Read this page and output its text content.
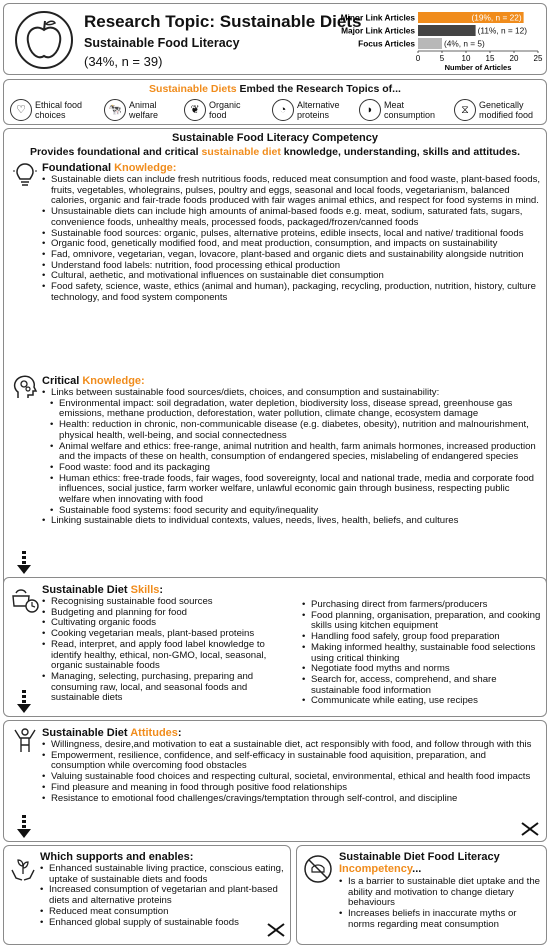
Research Topic: Sustainable Diets
Sustainable Food Literacy
(34%, n = 39)
Minor Link Articles	(19%, n = 22)
Major Link Articles	(11%, n = 12)
Focus Articles	(4%, n = 5)
0 5 10 15 20 25
Number of Articles
Sustainable Diets Embed the Research Topics of...
♡	Ethical food choices	🐄 Animal welfare	❦	Organic food	◔	Alternative proteins	◗	Meat consumption	⧖	Genetically modified food
Sustainable Food Literacy Competency
Provides foundational and critical sustainable diet knowledge, understanding, skills and attitudes.
Foundational Knowledge:
• Sustainable diets can include fresh nutritious foods, reduced meat consumption and food waste, plant-based foods, fruits, vegetables, wholegrains, pulses, poultry and eggs, seasonal and local foods, vegetarianism, balanced calories, organic and fair-trade foods produced with fair wages animal ethics, and respect for food systems in mind.
• Unsustainable diets can include high amounts of animal-based foods e.g. meat, sodium, saturated fats, sugars, convenience foods, unhealthy meals, processed foods, packaged/frozen/canned foods
• Sustainable food sources: organic, pulses, alternative proteins, edible insects, local and native/ traditional foods
• Organic food, genetically modified food, and meat production, consumption, and impacts on sustainability
• Fad, omnivore, vegetarian, vegan, lovacore, plant-based and organic diets and sustainability alongside nutrition
• Understand food labels: nutrition, food processing ethical production
• Cultural, aethetic, and motivational influences on sustainable diet consumption
• Food safety, science, waste, ethics (animal and human), packaging, recycling, production, nutrition, history, culture technology, and food system components
Critical Knowledge:
• Links between sustainable food sources/diets, choices, and consumption and sustainability:
• Environmental impact: soil degradation, water depletion, biodiversity loss, disease spread, greenhouse gas emissions, methane production, deforestation, water pollution, climate change, ecosystem damage
• Health: reduction in chronic, non-communicable disease (e.g. diabetes, obesity), nutrition and malnourishment, physical health, well-being, and social connectedness
• Animal welfare and ethics: free-range, animal nutrition and health, farm animals hormones, increased production and the impacts of these on health, consumption of endangered species, mislabeling of endangered species
• Food waste: food and its packaging
• Human ethics: free-trade foods, fair wages, food sovereignty, local and national trade, media and corporate food influences, social justice, farm worker welfare, unlawful economic gain through business, respecting public welfare when innovating with food
• Sustainable food systems: food security and equity/inequality
• Linking sustainable diets to individual contexts, values, needs, lives, health, beliefs, and cultures
Sustainable Diet Skills:
• Recognising sustainable food sources
• Budgeting and planning for food
• Cultivating organic foods
• Cooking vegetarian meals, plant-based proteins
• Read, interpret, and apply food label knowledge to identify healthy, ethical, non-GMO, local, seasonal, organic sustainable foods
• Managing, selecting, purchasing, preparing and consuming raw, local, and seasonal foods and sustainable diets
• Purchasing direct from farmers/producers
• Food planning, organisation, preparation, and cooking skills using kitchen equipment
• Handling food safely, group food preparation
• Making informed healthy, sustainable food selections using critical thinking
• Negotiate food myths and norms
• Search for, access, comprehend, and share sustainable food information
• Communicate while eating, use recipes
Sustainable Diet Attitudes:
• Willingness, desire,and motivation to eat a sustainable diet, act responsibly with food, and follow through with this
• Empowerment, resilience, confidence, and self-efficacy in sustainable food aquisition, preparation, and consumption while overcoming food obstacles
• Valuing sustainable food choices and respecting cultural, societal, environmental, ethical and health food impacts
• Find pleasure and meaning in food through positive food relationships
• Resistance to emotional food challenges/cravings/temptation through self-control, and discipline
Which supports and enables:
• Enhanced sustainable living practice, conscious eating, uptake of sustainable diets and foods
• Increased consumption of vegetarian and plant-based diets and alternative proteins
• Reduced meat consumption
• Enhanced global supply of sustainable foods
Sustainable Diet Food Literacy Incompetency...
• Is a barrier to sustainable diet uptake and the ability and motivation to change dietary behaviours
• Increases beliefs in inaccurate myths or norms regarding meat consumption
